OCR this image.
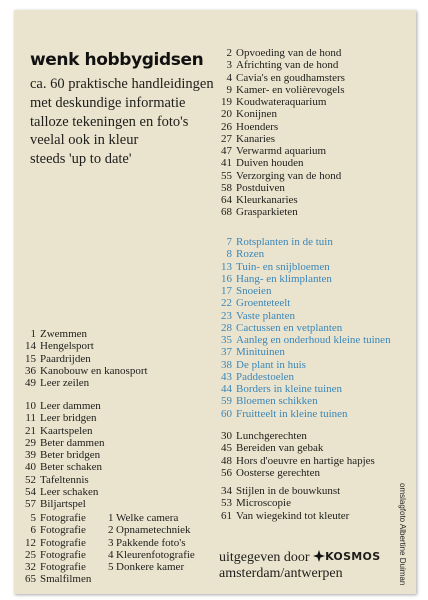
wenk hobbygidsen
ca. 60 praktische handleidingen
met deskundige informatie
talloze tekeningen en foto's
veelal ook in kleur
steeds 'up to date'
2 Opvoeding van de hond
3 Africhting van de hond
4 Cavia's en goudhamsters
9 Kamer- en volièrevogels
19 Koudwateraquarium
20 Konijnen
26 Hoenders
27 Kanaries
47 Verwarmd aquarium
41 Duiven houden
55 Verzorging van de hond
58 Postduiven
64 Kleurkanaries
68 Grasparkieten
7 Rotsplanten in de tuin
8 Rozen
13 Tuin- en snijbloemen
16 Hang- en klimplanten
17 Snoeien
22 Groenteteelt
23 Vaste planten
28 Cactussen en vetplanten
35 Aanleg en onderhoud kleine tuinen
37 Minituinen
38 De plant in huis
43 Paddestoelen
44 Borders in kleine tuinen
59 Bloemen schikken
60 Fruitteelt in kleine tuinen
30 Lunchgerechten
45 Bereiden van gebak
48 Hors d'oeuvre en hartige hapjes
56 Oosterse gerechten
34 Stijlen in de bouwkunst
53 Microscopie
61 Van wiegekind tot kleuter
1 Zwemmen
14 Hengelsport
15 Paardrijden
36 Kanobouw en kanosport
49 Leer zeilen
10 Leer dammen
11 Leer bridgen
21 Kaartspelen
29 Beter dammen
39 Beter bridgen
40 Beter schaken
52 Tafeltennis
54 Leer schaken
57 Biljartspel
5 Fotografie 1 Welke camera
6 Fotografie 2 Opnametechniek
12 Fotografie 3 Pakkende foto's
25 Fotografie 4 Kleurenfotografie
32 Fotografie 5 Donkere kamer
65 Smalfilmen
uitgegeven door KOSMOS
amsterdam/antwerpen	omslagfoto Albertine Duiman
